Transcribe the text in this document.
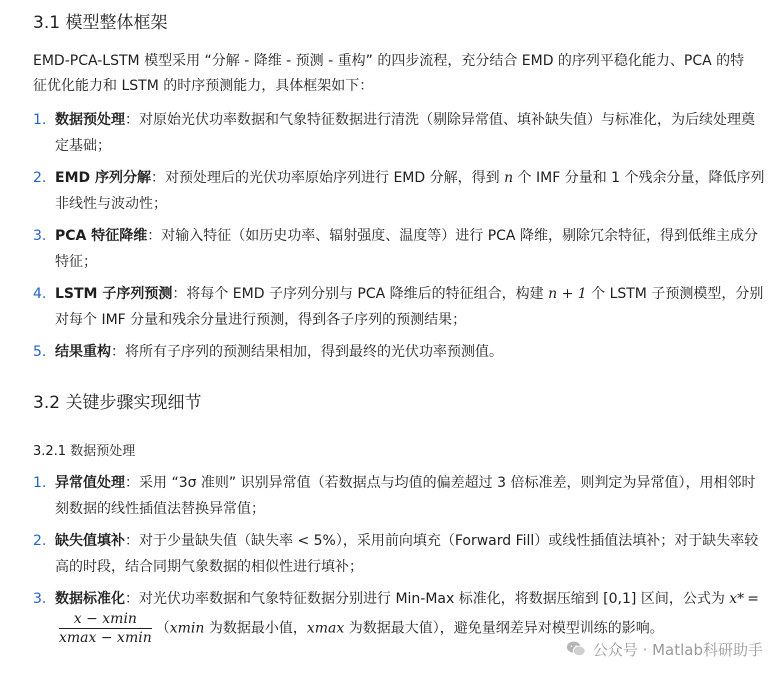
3.1 模型整体框架

EMD-PCA-LSTM 模型采用 “分解 - 降维 - 预测 - 重构” 的四步流程，充分结合 EMD 的序列平稳化能力、PCA 的特征优化能力和 LSTM 的时序预测能力，具体框架如下：

1. 数据预处理：对原始光伏功率数据和气象特征数据进行清洗（剔除异常值、填补缺失值）与标准化，为后续处理奠定基础；
2. EMD 序列分解：对预处理后的光伏功率原始序列进行 EMD 分解，得到 n 个 IMF 分量和 1 个残余分量，降低序列非线性与波动性；
3. PCA 特征降维：对输入特征（如历史功率、辐射强度、温度等）进行 PCA 降维，剔除冗余特征，得到低维主成分特征；
4. LSTM 子序列预测：将每个 EMD 子序列分别与 PCA 降维后的特征组合，构建 n + 1 个 LSTM 子预测模型，分别对每个 IMF 分量和残余分量进行预测，得到各子序列的预测结果；
5. 结果重构：将所有子序列的预测结果相加，得到最终的光伏功率预测值。
3.2 关键步骤实现细节
3.2.1 数据预处理
1. 异常值处理：采用 “3σ 准则” 识别异常值（若数据点与均值的偏差超过 3 倍标准差，则判定为异常值），用相邻时刻数据的线性插值法替换异常值；
2. 缺失值填补：对于少量缺失值（缺失率 < 5%），采用前向填充（Forward Fill）或线性插值法填补；对于缺失率较高的时段，结合同期气象数据的相似性进行填补；
3. 数据标准化：对光伏功率数据和气象特征数据分别进行 Min-Max 标准化，将数据压缩到 [0,1] 区间，公式为 x* =
$\frac{x - xmin}{xmax - xmin} (xmin$ 为数据最小值，xmax 为数据最大值），避免量纲差异对模型训练的影响。
公众号 · Matlab科研助手
